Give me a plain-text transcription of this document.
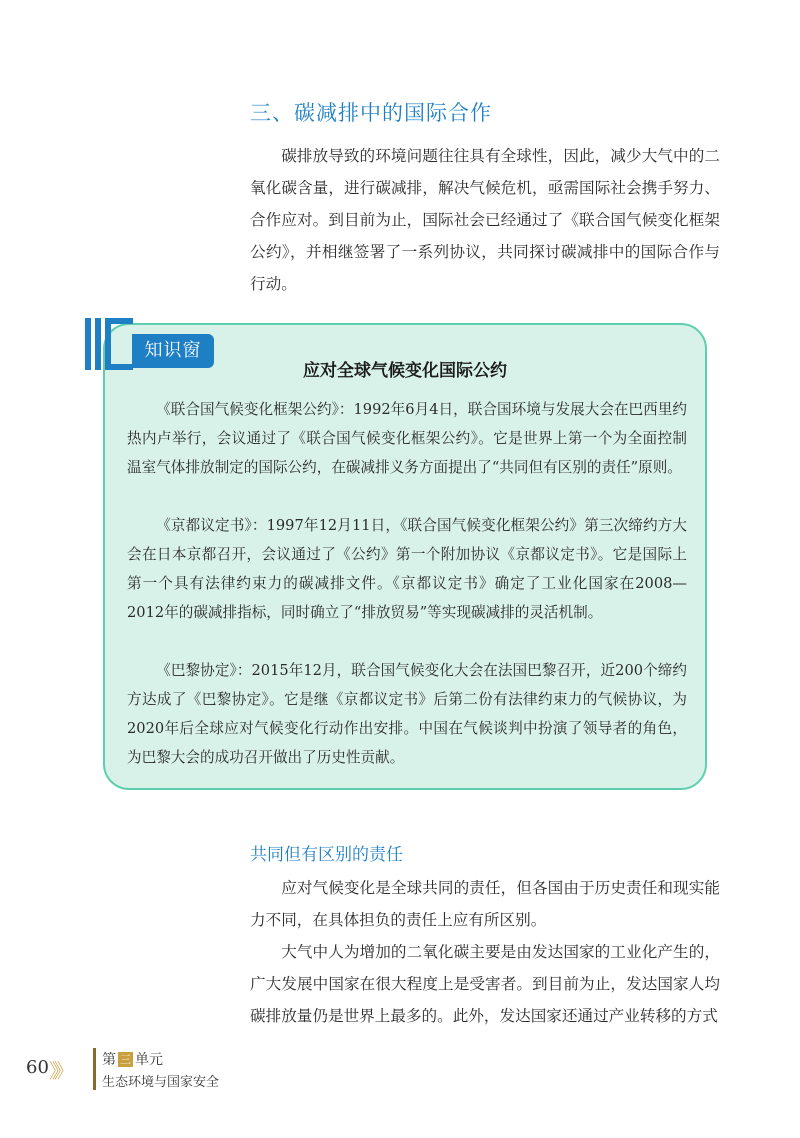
三、碳减排中的国际合作

碳排放导致的环境问题往往具有全球性，因此，减少大气中的二氧化碳含量，进行碳减排，解决气候危机，亟需国际社会携手努力、合作应对。到目前为止，国际社会已经通过了《联合国气候变化框架公约》，并相继签署了一系列协议，共同探讨碳减排中的国际合作与行动。

知识窗
应对全球气候变化国际公约

《联合国气候变化框架公约》：1992年6月4日，联合国环境与发展大会在巴西里约热内卢举行，会议通过了《联合国气候变化框架公约》。它是世界上第一个为全面控制温室气体排放制定的国际公约，在碳减排义务方面提出了“共同但有区别的责任”原则。

《京都议定书》：1997年12月11日，《联合国气候变化框架公约》第三次缔约方大会在日本京都召开，会议通过了《公约》第一个附加协议《京都议定书》。它是国际上第一个具有法律约束力的碳减排文件。《京都议定书》确定了工业化国家在2008—2012年的碳减排指标，同时确立了“排放贸易”等实现碳减排的灵活机制。

《巴黎协定》：2015年12月，联合国气候变化大会在法国巴黎召开，近200个缔约方达成了《巴黎协定》。它是继《京都议定书》后第二份有法律约束力的气候协议，为2020年后全球应对气候变化行动作出安排。中国在气候谈判中扮演了领导者的角色，为巴黎大会的成功召开做出了历史性贡献。

共同但有区别的责任

应对气候变化是全球共同的责任，但各国由于历史责任和现实能力不同，在具体担负的责任上应有所区别。

大气中人为增加的二氧化碳主要是由发达国家的工业化产生的，广大发展中国家在很大程度上是受害者。到目前为止，发达国家人均碳排放量仍是世界上最多的。此外，发达国家还通过产业转移的方式

60 》》 第 三 单元
生态环境与国家安全
